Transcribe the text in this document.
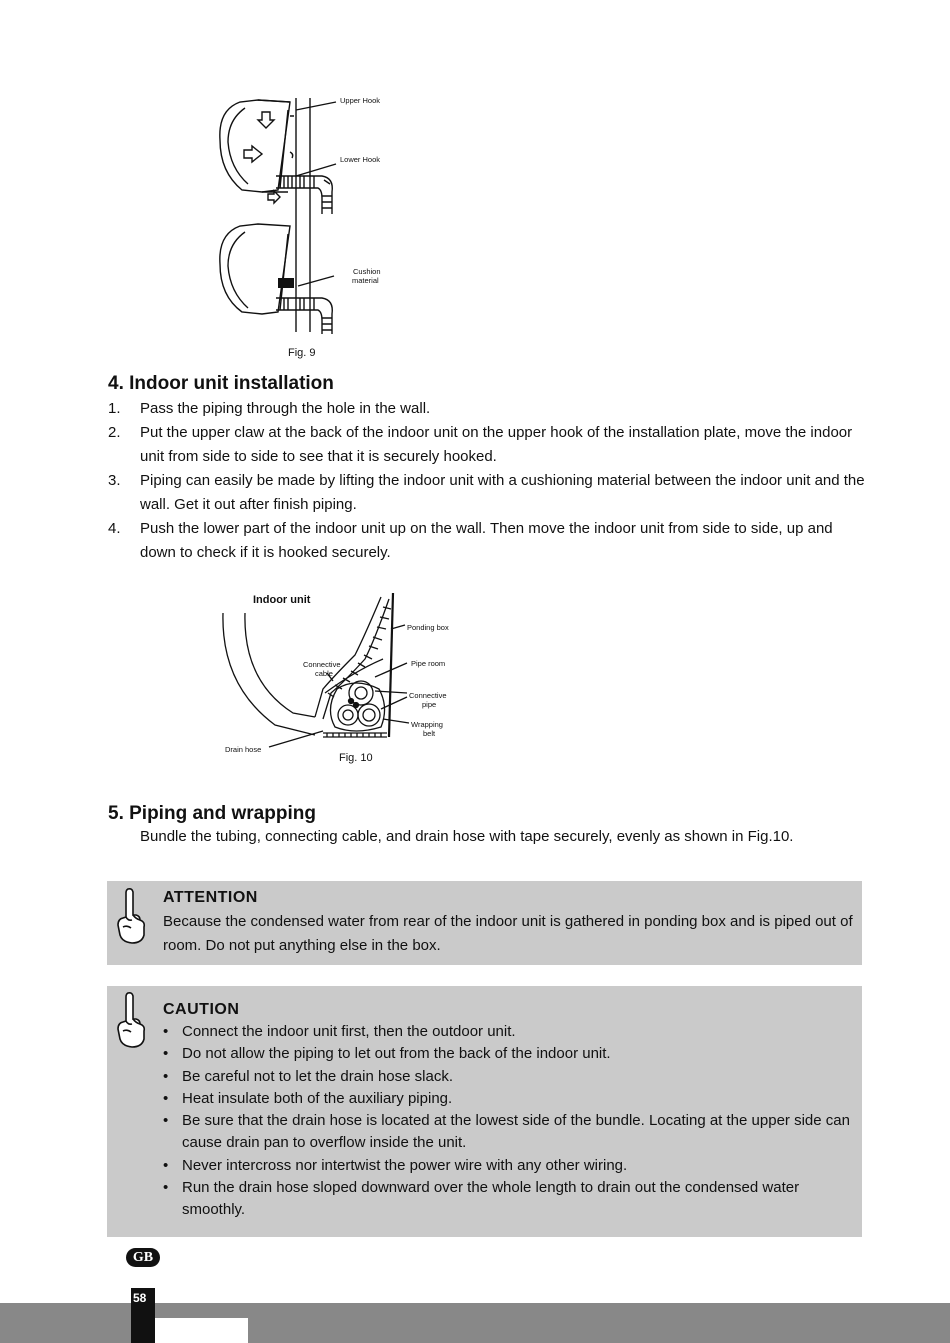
Upper Hook
Lower Hook
Cushion
material
Fig. 9
4. Indoor unit installation
1.	Pass the piping through the hole in the wall.
2.	Put the upper claw at the back of the indoor unit on the upper hook of the installation plate, move the indoor unit from side to side to see that it is securely hooked.
3.	Piping can easily be made by lifting the indoor unit with a cushioning material between the indoor unit and the wall. Get it out after finish piping.
4.	Push the lower part of the indoor unit up on the wall. Then move the indoor unit from side to side, up and down to check if it is hooked securely.
Indoor unit
Ponding box
Pipe room
Connective
cable
Connective
pipe
Wrapping
belt
Drain hose
Fig. 10
5. Piping and wrapping
Bundle the tubing, connecting cable, and drain hose with tape securely, evenly as shown in Fig.10.
ATTENTION
Because the condensed water from rear of the indoor unit is gathered in ponding box and is piped out of room. Do not put anything else in the box.
CAUTION
• Connect the indoor unit first, then the outdoor unit.
• Do not allow the piping to let out from the back of the indoor unit.
• Be careful not to let the drain hose slack.
• Heat insulate both of the auxiliary piping.
• Be sure that the drain hose is located at the lowest side of the bundle. Locating at the upper side can cause drain pan to overflow inside the unit.
• Never intercross nor intertwist the power wire with any other wiring.
• Run the drain hose sloped downward over the whole length to drain out the condensed water smoothly.
GB
58
